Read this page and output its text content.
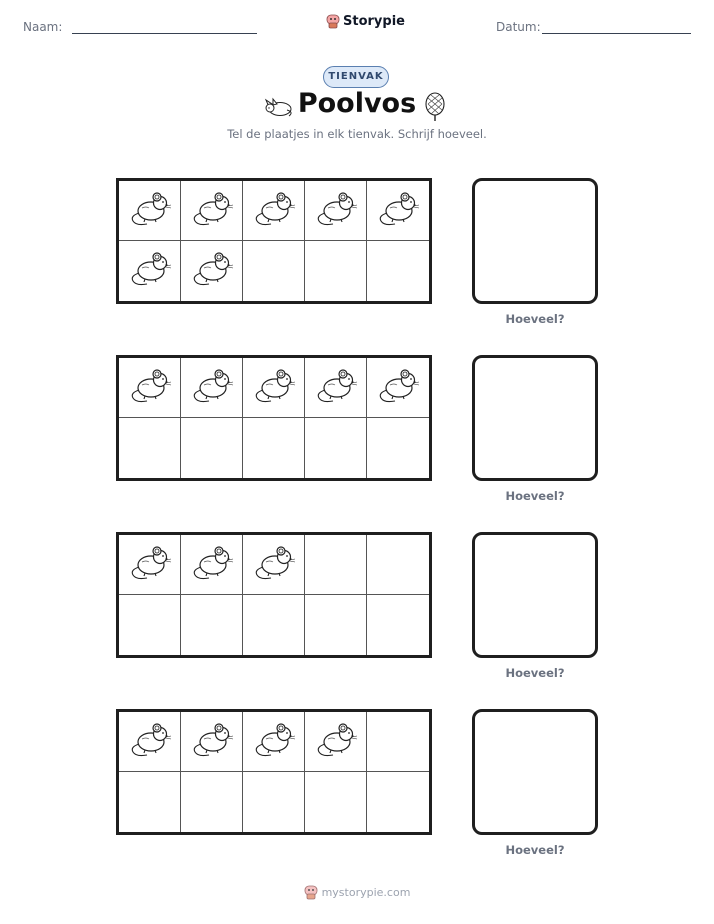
Naam:	Storypie	Datum:
TIENVAK
Poolvos
Tel de plaatjes in elk tienvak. Schrijf hoeveel.
Hoeveel?
Hoeveel?
Hoeveel?
Hoeveel?
mystorypie.com
